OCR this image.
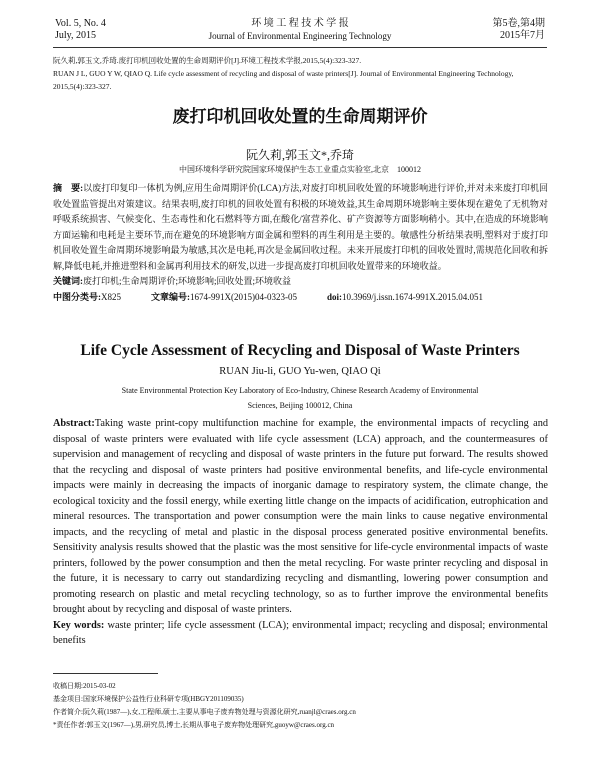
Vol. 5, No. 4
July, 2015
环 境 工 程 技 术 学 报
Journal of Environmental Engineering Technology
第5卷,第4期
2015年7月
阮久莉,郭玉文,乔琦.废打印机回收处置的生命周期评价[J].环境工程技术学报,2015,5(4):323-327.
RUAN J L, GUO Y W, QIAO Q. Life cycle assessment of recycling and disposal of waste printers[J]. Journal of Environmental Engineering Technology, 2015,5(4):323-327.
废打印机回收处置的生命周期评价
阮久莉,郭玉文*,乔琦
中国环境科学研究院国家环境保护生态工业重点实验室,北京　100012

摘　要:以废打印复印一体机为例,应用生命周期评价(LCA)方法,对废打印机回收处置的环境影响进行评价,并对未来废打印机回收处置监管提出对策建议。结果表明,废打印机的回收处置有积极的环境效益,其生命周期环境影响主要体现在避免了无机物对呼吸系统损害、气候变化、生态毒性和化石燃料等方面,在酸化/富营养化、矿产资源等方面影响稍小。其中,在造成的环境影响方面运输和电耗是主要环节,而在避免的环境影响方面金属和塑料的再生利用是主要的。敏感性分析结果表明,塑料对于废打印机回收处置生命周期环境影响最为敏感,其次是电耗,再次是金属回收过程。未来开展废打印机的回收处置时,需规范化回收和拆解,降低电耗,并推进塑料和金属再利用技术的研发,以进一步提高废打印机回收处置带来的环境收益。

关键词:废打印机;生命周期评价;环境影响;回收处置;环境收益

中图分类号:X825	文章编号:1674-991X(2015)04-0323-05	doi:10.3969/j.issn.1674-991X.2015.04.051

Life Cycle Assessment of Recycling and Disposal of Waste Printers
RUAN Jiu-li, GUO Yu-wen, QIAO Qi
State Environmental Protection Key Laboratory of Eco-Industry, Chinese Research Academy of Environmental
Sciences, Beijing 100012, China

Abstract:Taking waste print-copy multifunction machine for example, the environmental impacts of recycling and disposal of waste printers were evaluated with life cycle assessment (LCA) approach, and the countermeasures of supervision and management of recycling and disposal of waste printers in the future put forward. The results showed that the recycling and disposal of waste printers had positive environmental benefits, and life-cycle environmental impacts were mainly in decreasing the impacts of inorganic damage to respiratory system, the climate change, the ecological toxicity and the fossil energy, while exerting little change on the impacts of acidification, eutrophication and mineral resources. The transportation and power consumption were the main links to cause negative environmental impacts, and the recycling of metal and plastic in the disposal process generated positive environmental benefits. Sensitivity analysis results showed that the plastic was the most sensitive for life-cycle environmental impacts of waste printers, followed by the power consumption and then the metal recycling. For waste printer recycling and disposal in the future, it is necessary to carry out standardizing recycling and dismantling, lowering power consumption and promoting research on plastic and metal recycling technology, so as to further improve the environmental benefits brought about by recycling and disposal of waste printers.

Key words: waste printer; life cycle assessment (LCA); environmental impact; recycling and disposal; environmental benefits

收稿日期:2015-03-02
基金项目:国家环境保护公益性行业科研专项(HBGY201109035)
作者简介:阮久莉(1987—),女,工程师,硕士,主要从事电子废弃物处理与资源化研究,ruanjl@craes.org.cn
*责任作者:郭玉文(1967—),男,研究员,博士,长期从事电子废弃物处理研究,guoyw@craes.org.cn
